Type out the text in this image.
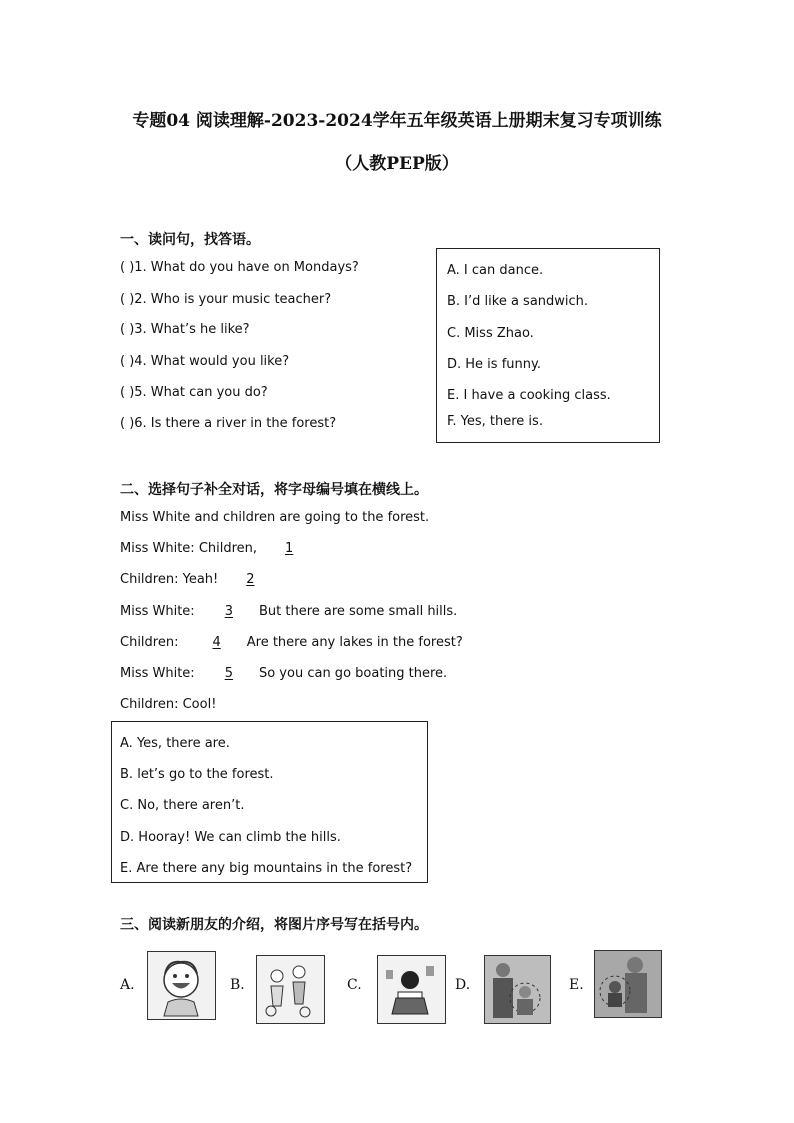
专题04 阅读理解-2023-2024学年五年级英语上册期末复习专项训练
（人教PEP版）
一、读问句，找答语。
( )1. What do you have on Mondays?
( )2. Who is your music teacher?
( )3. What’s he like?
( )4. What would you like?
( )5. What can you do?
( )6. Is there a river in the forest?
A. I can dance.
B. I’d like a sandwich.
C. Miss Zhao.
D. He is funny.
E. I have a cooking class.
F. Yes, there is.
二、选择句子补全对话，将字母编号填在横线上。
Miss White and children are going to the forest.
Miss White: Children, 1
Children: Yeah! 2
Miss White: 3 But there are some small hills.
Children:	4 Are there any lakes in the forest?
Miss White: 5 So you can go boating there.
Children: Cool!
A. Yes, there are.
B. let’s go to the forest.
C. No, there aren’t.
D. Hooray! We can climb the hills.
E. Are there any big mountains in the forest?
三、阅读新朋友的介绍，将图片序号写在括号内。
A.	B.	C.	D.	E.
